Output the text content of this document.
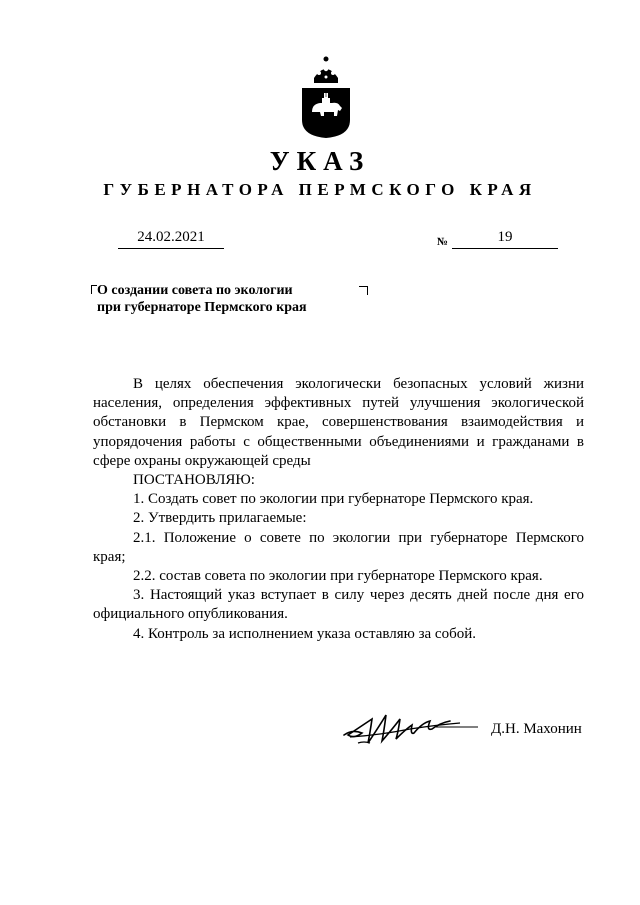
УКАЗ
ГУБЕРНАТОРА ПЕРМСКОГО КРАЯ
24.02.2021	№	19
О создании совета по экологии
при губернаторе Пермского края

В целях обеспечения экологически безопасных условий жизни населения, определения эффективных путей улучшения экологической обстановки в Пермском крае, совершенствования взаимодействия и упорядочения работы с общественными объединениями и гражданами в сфере охраны окружающей среды

ПОСТАНОВЛЯЮ:

1. Создать совет по экологии при губернаторе Пермского края.

2. Утвердить прилагаемые:

2.1. Положение о совете по экологии при губернаторе Пермского края;

2.2. состав совета по экологии при губернаторе Пермского края.

3. Настоящий указ вступает в силу через десять дней после дня его официального опубликования.

4. Контроль за исполнением указа оставляю за собой.

Д.Н. Махонин
